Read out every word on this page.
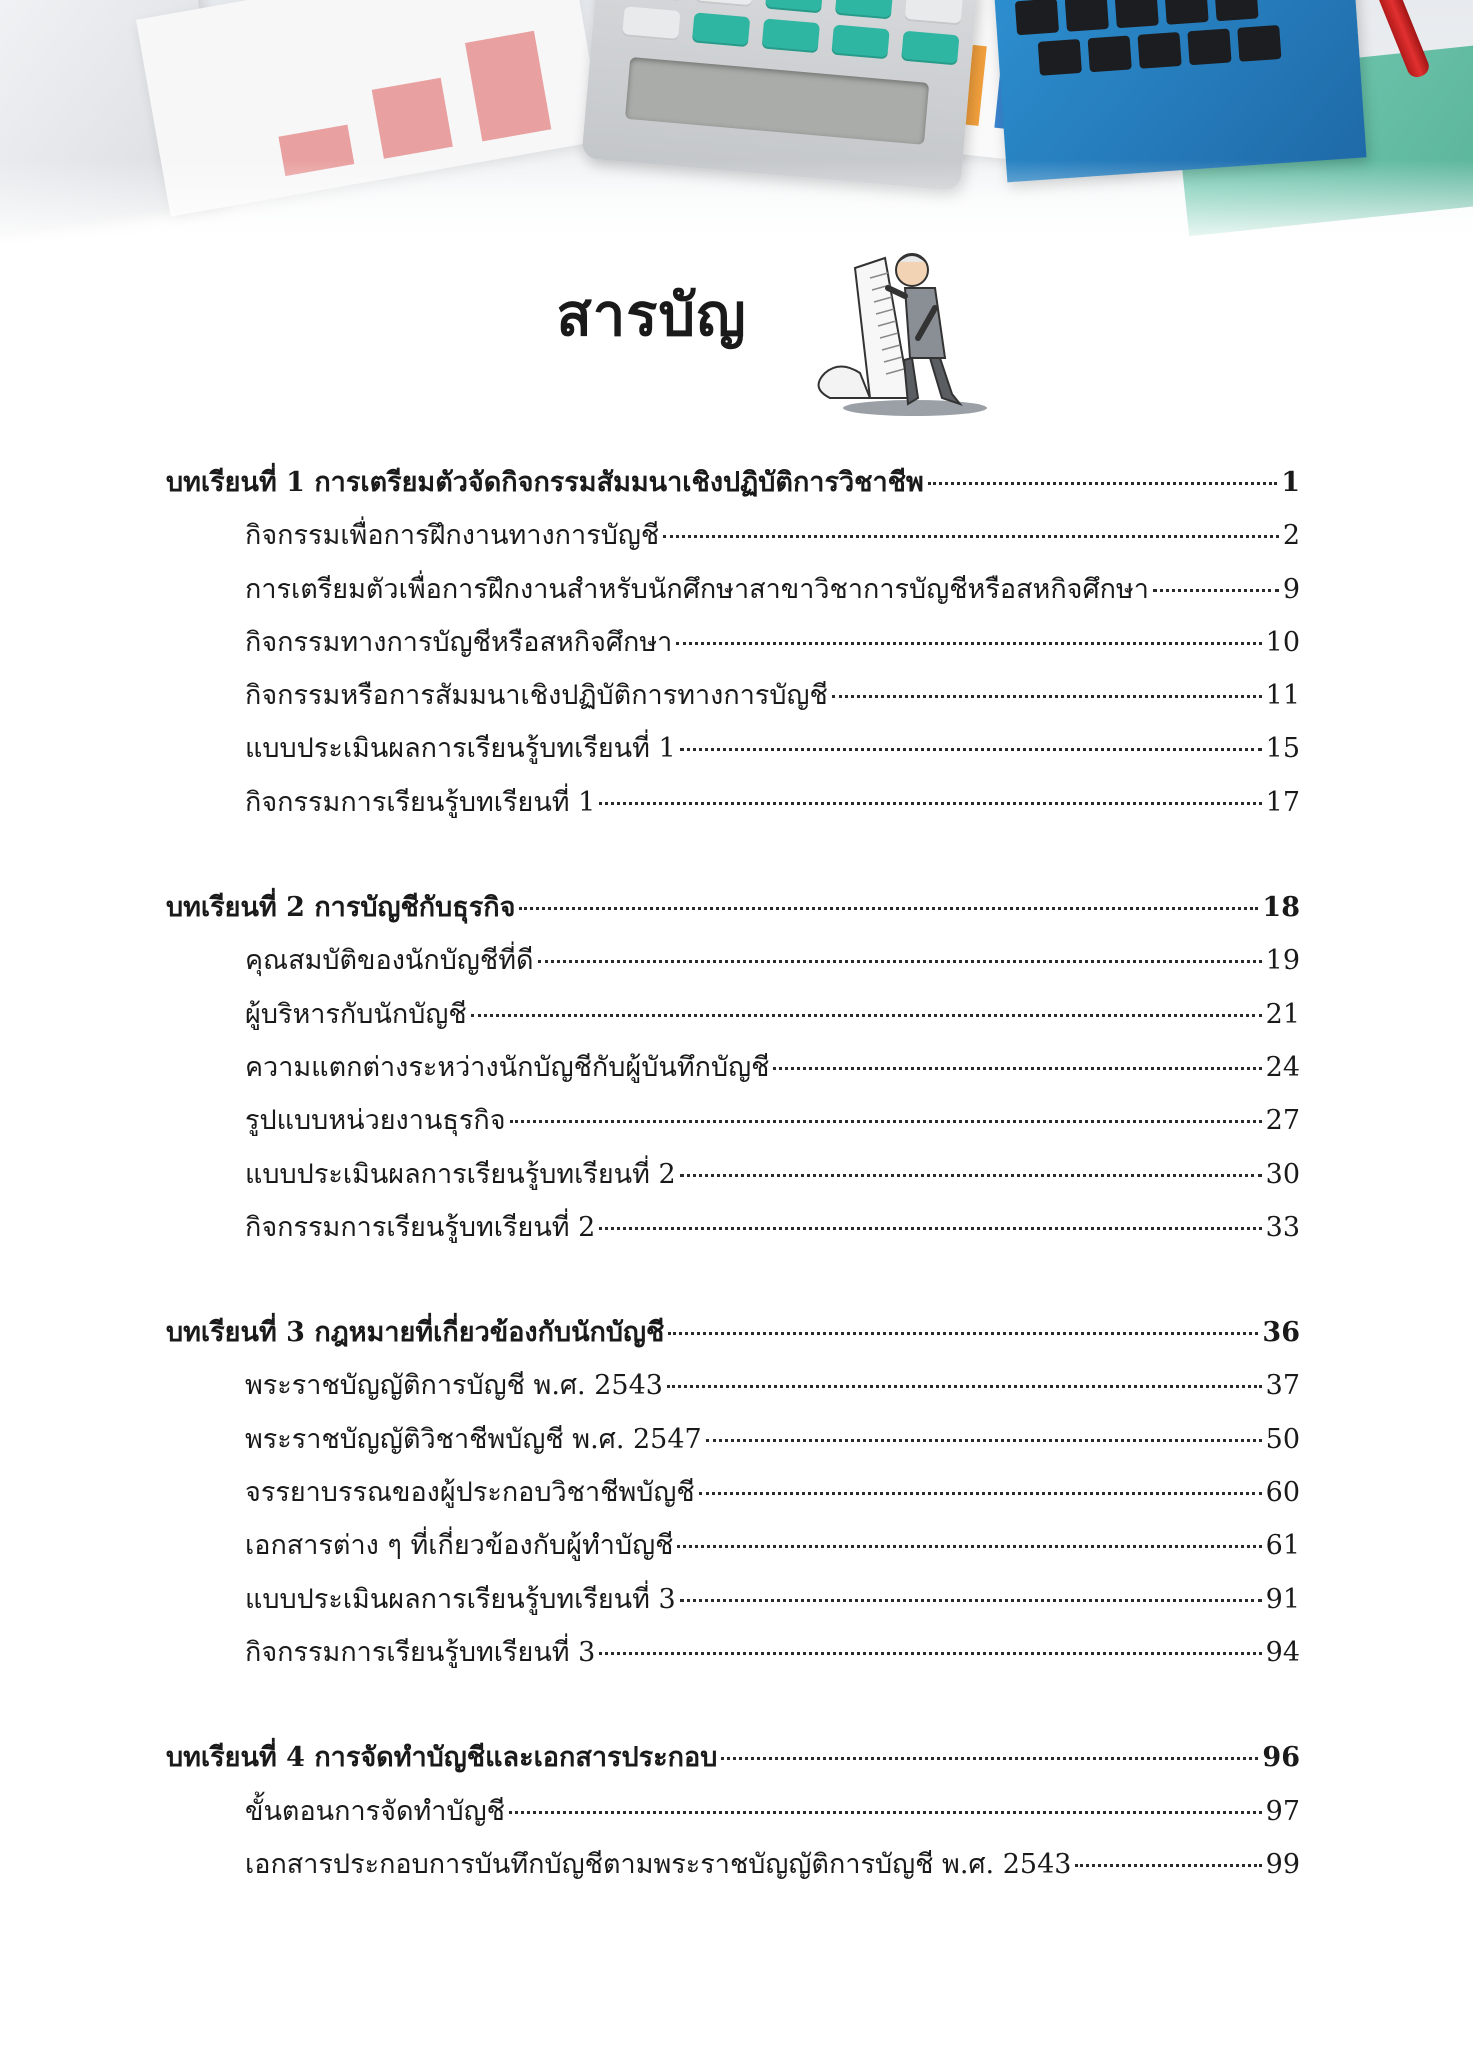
สารบัญ
บทเรียนที่ 1 การเตรียมตัวจัดกิจกรรมสัมมนาเชิงปฏิบัติการวิชาชีพ	1
กิจกรรมเพื่อการฝึกงานทางการบัญชี	2
การเตรียมตัวเพื่อการฝึกงานสำหรับนักศึกษาสาขาวิชาการบัญชีหรือสหกิจศึกษา	9
กิจกรรมทางการบัญชีหรือสหกิจศึกษา	10
กิจกรรมหรือการสัมมนาเชิงปฏิบัติการทางการบัญชี	11
แบบประเมินผลการเรียนรู้บทเรียนที่ 1	15
กิจกรรมการเรียนรู้บทเรียนที่ 1	17
บทเรียนที่ 2 การบัญชีกับธุรกิจ	18
คุณสมบัติของนักบัญชีที่ดี	19
ผู้บริหารกับนักบัญชี	21
ความแตกต่างระหว่างนักบัญชีกับผู้บันทึกบัญชี	24
รูปแบบหน่วยงานธุรกิจ	27
แบบประเมินผลการเรียนรู้บทเรียนที่ 2	30
กิจกรรมการเรียนรู้บทเรียนที่ 2	33
บทเรียนที่ 3 กฎหมายที่เกี่ยวข้องกับนักบัญชี	36
พระราชบัญญัติการบัญชี พ.ศ. 2543	37
พระราชบัญญัติวิชาชีพบัญชี พ.ศ. 2547	50
จรรยาบรรณของผู้ประกอบวิชาชีพบัญชี	60
เอกสารต่าง ๆ ที่เกี่ยวข้องกับผู้ทำบัญชี	61
แบบประเมินผลการเรียนรู้บทเรียนที่ 3	91
กิจกรรมการเรียนรู้บทเรียนที่ 3	94
บทเรียนที่ 4 การจัดทำบัญชีและเอกสารประกอบ	96
ขั้นตอนการจัดทำบัญชี	97
เอกสารประกอบการบันทึกบัญชีตามพระราชบัญญัติการบัญชี พ.ศ. 2543	99
